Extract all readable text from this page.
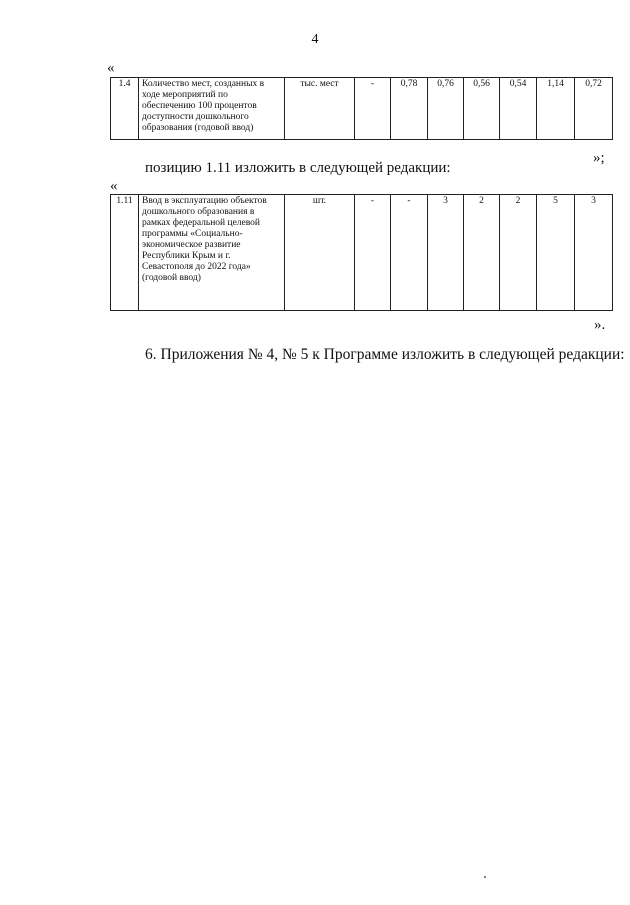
4
«
1.4	Количество мест, созданных в ходе мероприятий по обеспечению 100 процентов доступности дошкольного образования (годовой ввод)	тыс. мест	-	0,78	0,76	0,56	0,54	1,14	0,72
»;
позицию 1.11 изложить в следующей редакции:
«
1.11	Ввод в эксплуатацию объектов дошкольного образования в рамках федеральной целевой программы «Социально-экономическое развитие Республики Крым и г. Севастополя до 2022 года» (годовой ввод)	шт.	-	-	3	2	2	5	3
».
6. Приложения № 4, № 5 к Программе изложить в следующей редакции:
